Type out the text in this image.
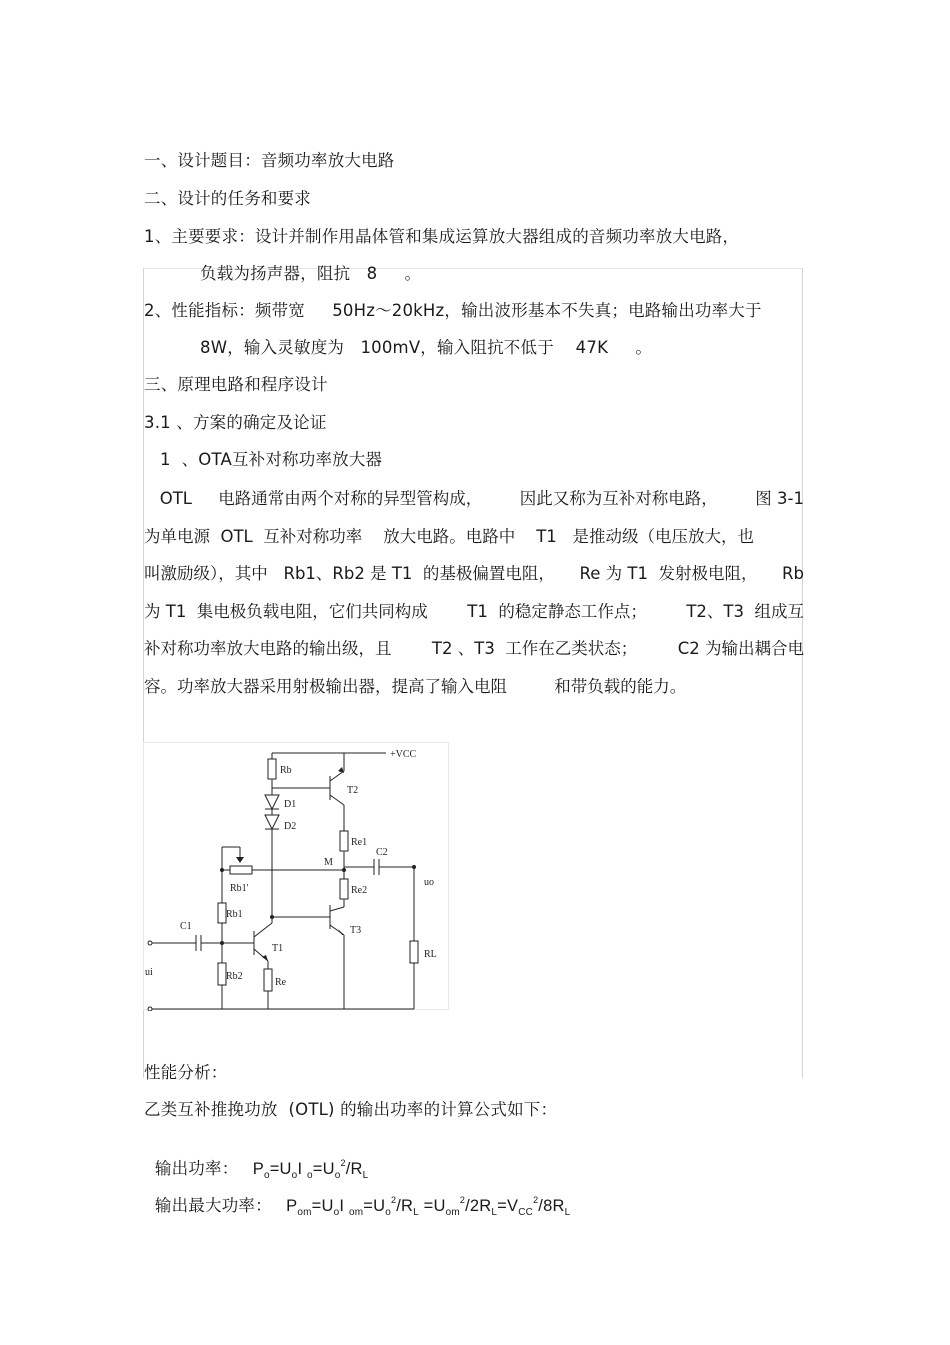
一、设计题目：音频功率放大电路
二、设计的任务和要求
1、主要要求：设计并制作用晶体管和集成运算放大器组成的音频功率放大电路，
负载为扬声器，阻抗   8     。
2、性能指标：频带宽     50Hz～20kHz，输出波形基本不失真；电路输出功率大于
8W，输入灵敏度为   100mV，输入阻抗不低于    47K     。
三、原理电路和程序设计
3.1 、方案的确定及论证
1  、OTA互补对称功率放大器
OTL     电路通常由两个对称的异型管构成， 因此又称为互补对称电路， 图 3-1
为单电源  OTL  互补对称功率    放大电路。电路中    T1   是推动级（电压放大，也
叫激励级），其中   Rb1、Rb2 是 T1  的基极偏置电阻， Re 为 T1  发射极电阻， Rb
为 T1  集电极负载电阻，它们共同构成 T1  的稳定静态工作点； T2、T3  组成互
补对称功率放大电路的输出级，且 T2 、T3  工作在乙类状态； C2 为输出耦合电
容。功率放大器采用射极输出器，提高了输入电阻         和带负载的能力。
+VCC
Rb
T2
D1
D2
Re1
M
C2
uo
Rb1'	Re2
Rb1
T3
C1
T1
ui	Rb2
Re
RL
性能分析：
乙类互补推挽功放  (OTL) 的输出功率的计算公式如下：

输出功率：   $P_o=U_oI$ $_o=U_o^2/R_L$

输出最大功率：   $P_{om}=U_oI$ $_{om}=U_o^2/R_L =U_{om}^2/2R_L=V_{CC}^2/8R_L$
